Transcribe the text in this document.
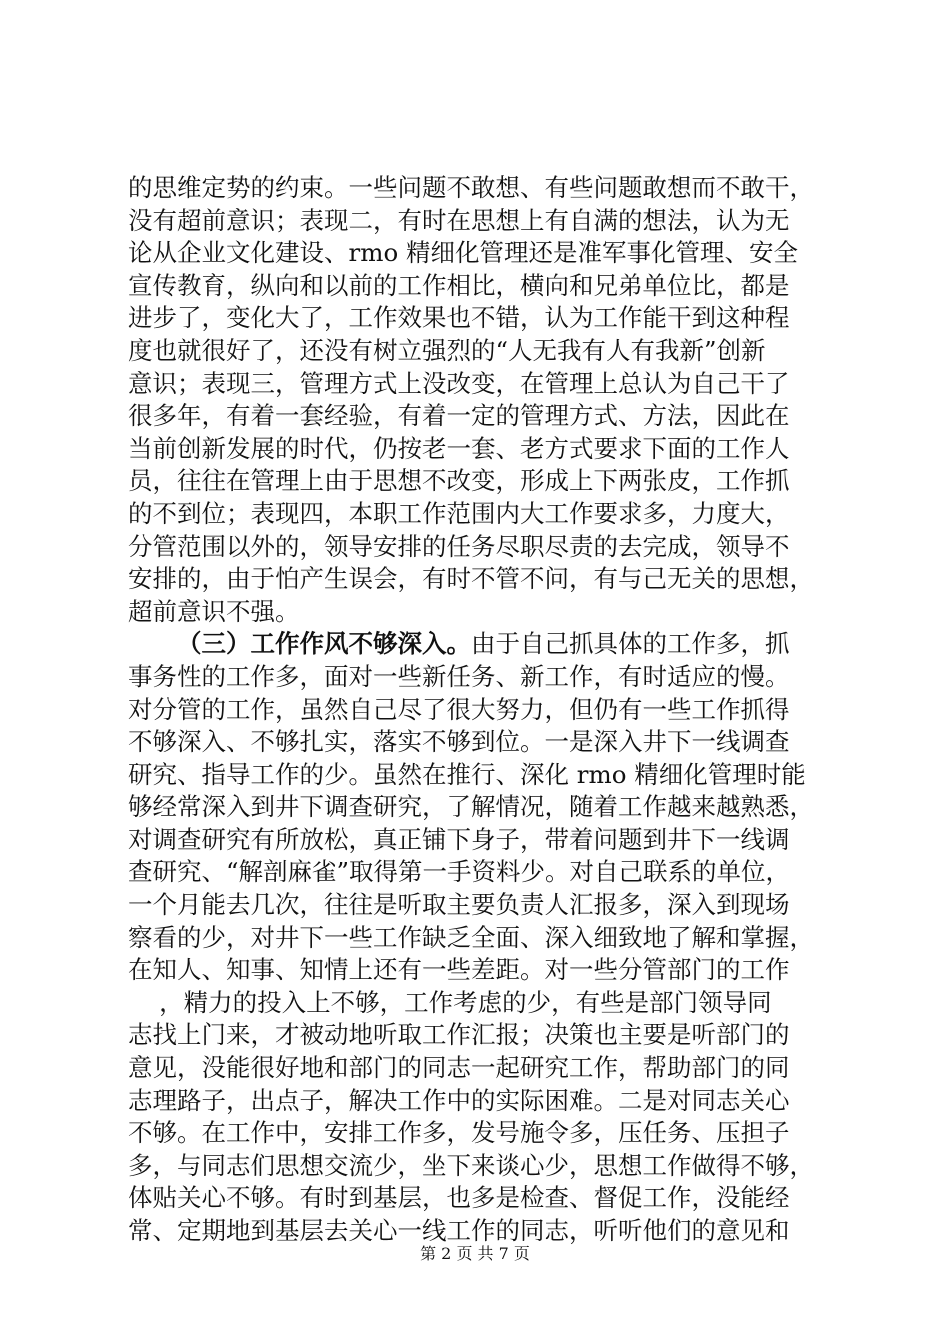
的思维定势的约束。一些问题不敢想、有些问题敢想而不敢干，
没有超前意识；表现二，有时在思想上有自满的想法，认为无
论从企业文化建设、rmo 精细化管理还是准军事化管理、安全
宣传教育，纵向和以前的工作相比，横向和兄弟单位比，都是
进步了，变化大了，工作效果也不错，认为工作能干到这种程
度也就很好了，还没有树立强烈的“人无我有人有我新”创新
意识；表现三，管理方式上没改变，在管理上总认为自己干了
很多年，有着一套经验，有着一定的管理方式、方法，因此在
当前创新发展的时代，仍按老一套、老方式要求下面的工作人
员，往往在管理上由于思想不改变，形成上下两张皮，工作抓
的不到位；表现四，本职工作范围内大工作要求多，力度大，
分管范围以外的，领导安排的任务尽职尽责的去完成，领导不
安排的，由于怕产生误会，有时不管不问，有与己无关的思想，
超前意识不强。
（三）工作作风不够深入。由于自己抓具体的工作多，抓
事务性的工作多，面对一些新任务、新工作，有时适应的慢。
对分管的工作，虽然自己尽了很大努力，但仍有一些工作抓得
不够深入、不够扎实，落实不够到位。一是深入井下一线调查
研究、指导工作的少。虽然在推行、深化 rmo 精细化管理时能
够经常深入到井下调查研究，了解情况，随着工作越来越熟悉，
对调查研究有所放松，真正铺下身子，带着问题到井下一线调
查研究、“解剖麻雀”取得第一手资料少。对自己联系的单位，
一个月能去几次，往往是听取主要负责人汇报多，深入到现场
察看的少，对井下一些工作缺乏全面、深入细致地了解和掌握，
在知人、知事、知情上还有一些差距。对一些分管部门的工作
，精力的投入上不够，工作考虑的少，有些是部门领导同
志找上门来，才被动地听取工作汇报；决策也主要是听部门的
意见，没能很好地和部门的同志一起研究工作，帮助部门的同
志理路子，出点子，解决工作中的实际困难。二是对同志关心
不够。在工作中，安排工作多，发号施令多，压任务、压担子
多，与同志们思想交流少，坐下来谈心少，思想工作做得不够，
体贴关心不够。有时到基层，也多是检查、督促工作，没能经
常、定期地到基层去关心一线工作的同志，听听他们的意见和
第 2 页 共 7 页
